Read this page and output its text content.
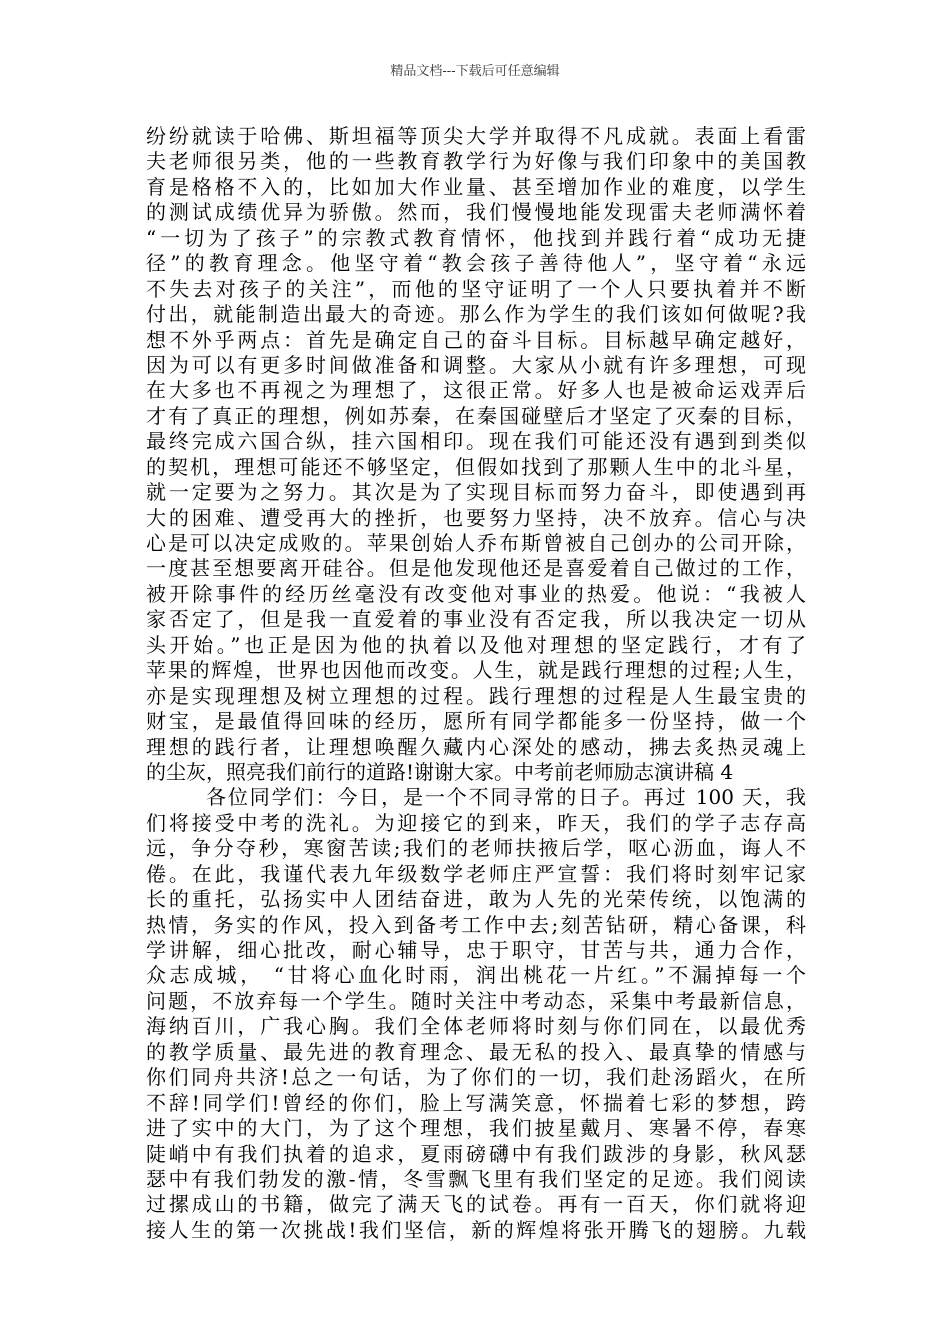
精品文档---下载后可任意编辑
纷纷就读于哈佛、斯坦福等顶尖大学并取得不凡成就。表面上看雷
夫老师很另类，他的一些教育教学行为好像与我们印象中的美国教
育是格格不入的，比如加大作业量、甚至增加作业的难度，以学生
的测试成绩优异为骄傲。然而，我们慢慢地能发现雷夫老师满怀着
“一切为了孩子”的宗教式教育情怀，他找到并践行着“成功无捷
径”的教育理念。他坚守着“教会孩子善待他人”，坚守着“永远
不失去对孩子的关注”，而他的坚守证明了一个人只要执着并不断
付出，就能制造出最大的奇迹。那么作为学生的我们该如何做呢?我
想不外乎两点：首先是确定自己的奋斗目标。目标越早确定越好，
因为可以有更多时间做准备和调整。大家从小就有许多理想，可现
在大多也不再视之为理想了，这很正常。好多人也是被命运戏弄后
才有了真正的理想，例如苏秦，在秦国碰壁后才坚定了灭秦的目标，
最终完成六国合纵，挂六国相印。现在我们可能还没有遇到到类似
的契机，理想可能还不够坚定，但假如找到了那颗人生中的北斗星，
就一定要为之努力。其次是为了实现目标而努力奋斗，即使遇到再
大的困难、遭受再大的挫折，也要努力坚持，决不放弃。信心与决
心是可以决定成败的。苹果创始人乔布斯曾被自己创办的公司开除，
一度甚至想要离开硅谷。但是他发现他还是喜爱着自己做过的工作，
被开除事件的经历丝毫没有改变他对事业的热爱。他说：“我被人
家否定了，但是我一直爱着的事业没有否定我，所以我决定一切从
头开始。”也正是因为他的执着以及他对理想的坚定践行，才有了
苹果的辉煌，世界也因他而改变。人生，就是践行理想的过程;人生，
亦是实现理想及树立理想的过程。践行理想的过程是人生最宝贵的
财宝，是最值得回味的经历，愿所有同学都能多一份坚持，做一个
理想的践行者，让理想唤醒久藏内心深处的感动，拂去炙热灵魂上
的尘灰，照亮我们前行的道路!谢谢大家。中考前老师励志演讲稿 4
各位同学们：今日，是一个不同寻常的日子。再过 100 天，我
们将接受中考的洗礼。为迎接它的到来，昨天，我们的学子志存高
远，争分夺秒，寒窗苦读;我们的老师扶掖后学，呕心沥血，诲人不
倦。在此，我谨代表九年级数学老师庄严宣誓：我们将时刻牢记家
长的重托，弘扬实中人团结奋进，敢为人先的光荣传统，以饱满的
热情，务实的作风，投入到备考工作中去;刻苦钻研，精心备课，科
学讲解，细心批改，耐心辅导，忠于职守，甘苦与共，通力合作，
众志成城， “甘将心血化时雨，润出桃花一片红。”不漏掉每一个
问题，不放弃每一个学生。随时关注中考动态，采集中考最新信息，
海纳百川，广我心胸。我们全体老师将时刻与你们同在，以最优秀
的教学质量、最先进的教育理念、最无私的投入、最真挚的情感与
你们同舟共济!总之一句话，为了你们的一切，我们赴汤蹈火，在所
不辞!同学们!曾经的你们，脸上写满笑意，怀揣着七彩的梦想，跨
进了实中的大门，为了这个理想，我们披星戴月、寒暑不停，春寒
陡峭中有我们执着的追求，夏雨磅礴中有我们跋涉的身影，秋风瑟
瑟中有我们勃发的激-情，冬雪飘飞里有我们坚定的足迹。我们阅读
过摞成山的书籍，做完了满天飞的试卷。再有一百天，你们就将迎
接人生的第一次挑战!我们坚信，新的辉煌将张开腾飞的翅膀。九载
